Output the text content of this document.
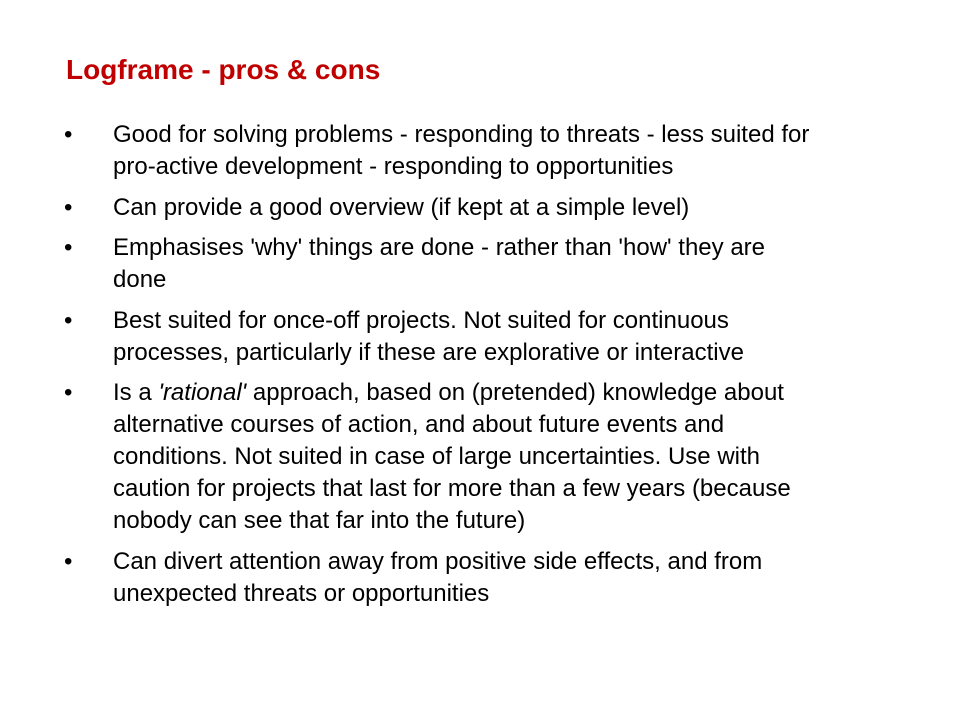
Logframe - pros & cons
• Good for solving problems - responding to threats - less suited for
pro-active development - responding to opportunities
• Can provide a good overview (if kept at a simple level)
• Emphasises 'why' things are done - rather than 'how' they are
done
• Best suited for once-off projects. Not suited for continuous
processes, particularly if these are explorative or interactive
• Is a 'rational' approach, based on (pretended) knowledge about
alternative courses of action, and about future events and
conditions. Not suited in case of large uncertainties. Use with
caution for projects that last for more than a few years (because
nobody can see that far into the future)
• Can divert attention away from positive side effects, and from
unexpected threats or opportunities
